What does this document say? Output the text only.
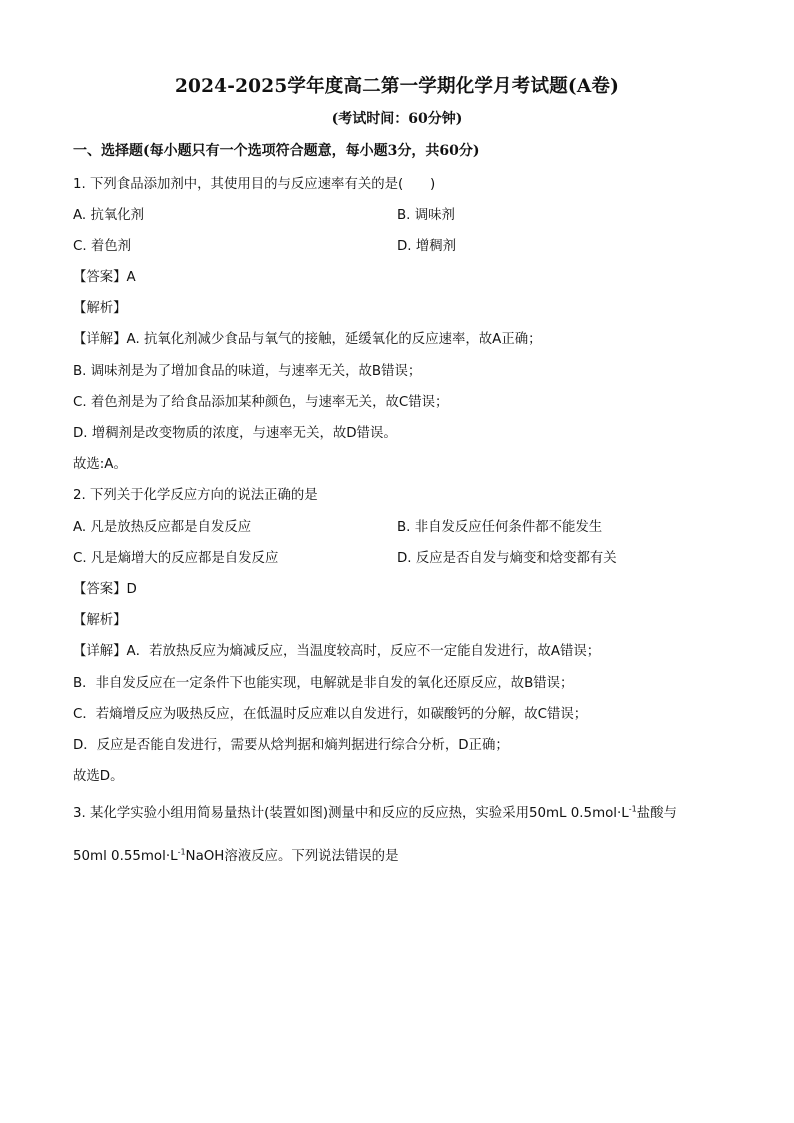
2024-2025学年度高二第一学期化学月考试题(A卷)
(考试时间：60分钟)
一、选择题(每小题只有一个选项符合题意，每小题3分，共60分)
1. 下列食品添加剂中，其使用目的与反应速率有关的是(　　)
A. 抗氧化剂	B. 调味剂
C. 着色剂	D. 增稠剂
【答案】A
【解析】
【详解】A. 抗氧化剂减少食品与氧气的接触，延缓氧化的反应速率，故A正确；
B. 调味剂是为了增加食品的味道，与速率无关，故B错误；
C. 着色剂是为了给食品添加某种颜色，与速率无关，故C错误；
D. 增稠剂是改变物质的浓度，与速率无关，故D错误。
故选:A。
2. 下列关于化学反应方向的说法正确的是
A. 凡是放热反应都是自发反应	B. 非自发反应任何条件都不能发生
C. 凡是熵增大的反应都是自发反应	D. 反应是否自发与熵变和焓变都有关
【答案】D
【解析】
【详解】A．若放热反应为熵减反应，当温度较高时，反应不一定能自发进行，故A错误；
B．非自发反应在一定条件下也能实现，电解就是非自发的氧化还原反应，故B错误；
C．若熵增反应为吸热反应，在低温时反应难以自发进行，如碳酸钙的分解，故C错误；
D．反应是否能自发进行，需要从焓判据和熵判据进行综合分析，D正确；
故选D。
3. 某化学实验小组用简易量热计(装置如图)测量中和反应的反应热，实验采用50mL $0.5mol\cdot L^{-1}$盐酸与
50ml $0.55mol\cdot L^{-1}NaOH$溶液反应。下列说法错误的是
